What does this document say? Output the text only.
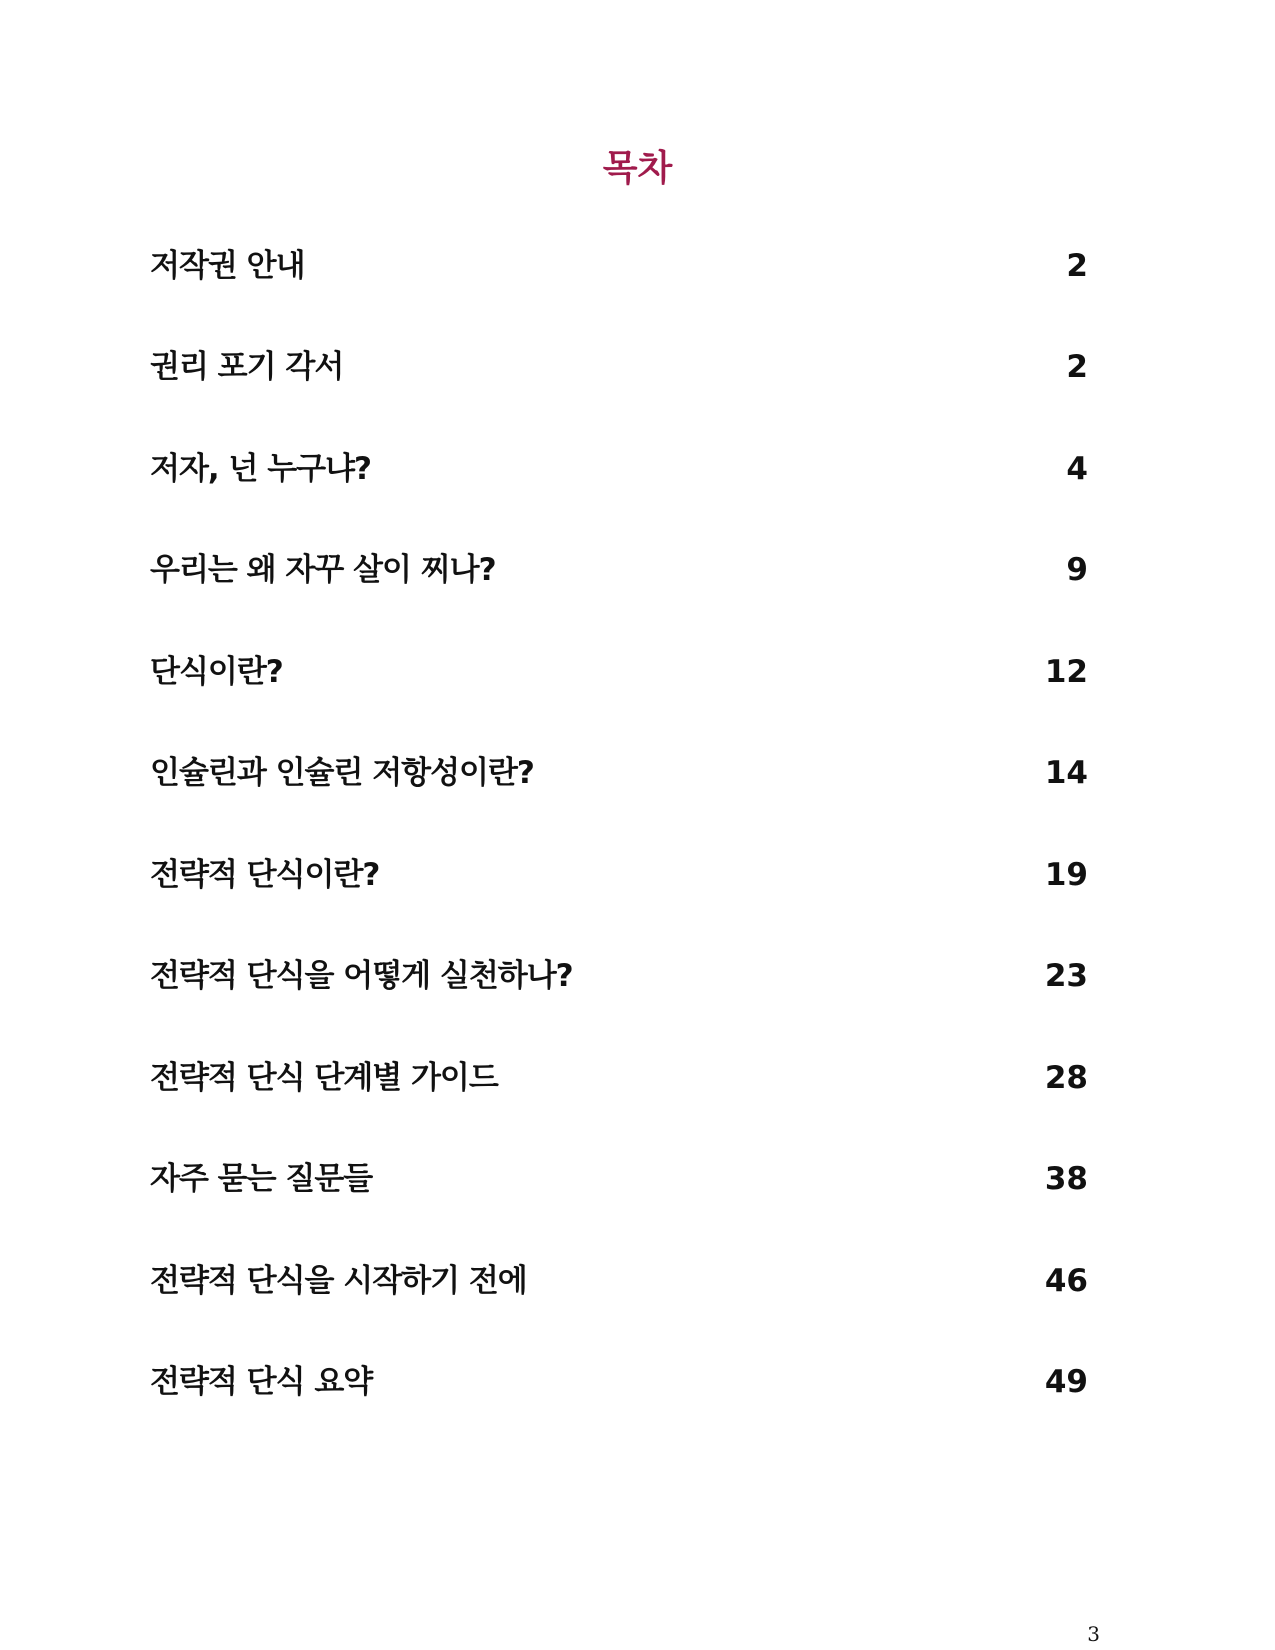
목차
저작권 안내	2
권리 포기 각서	2
저자, 넌 누구냐?	4
우리는 왜 자꾸 살이 찌나?	9
단식이란?	12
인슐린과 인슐린 저항성이란?	14
전략적 단식이란?	19
전략적 단식을 어떻게 실천하나?	23
전략적 단식 단계별 가이드	28
자주 묻는 질문들	38
전략적 단식을 시작하기 전에	46
전략적 단식 요약	49
3
